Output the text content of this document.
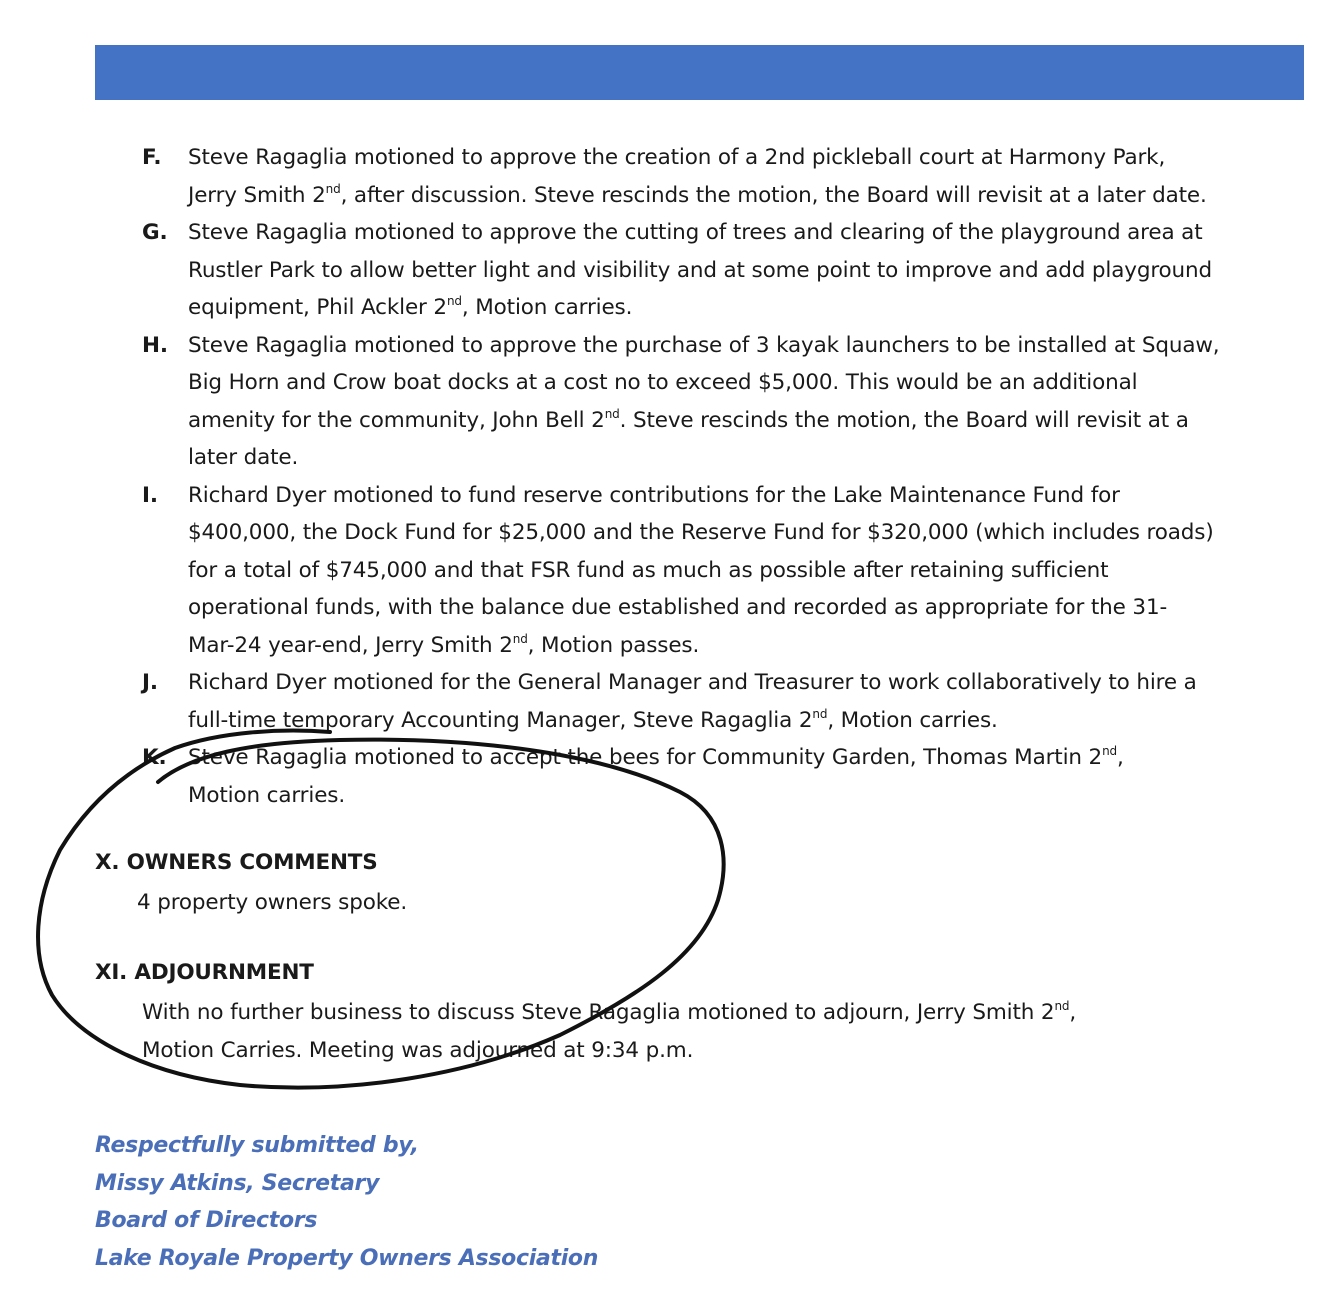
F.	Steve Ragaglia motioned to approve the creation of a 2nd pickleball court at Harmony Park,
Jerry Smith 2nd, after discussion. Steve rescinds the motion, the Board will revisit at a later date.
G. Steve Ragaglia motioned to approve the cutting of trees and clearing of the playground area at
Rustler Park to allow better light and visibility and at some point to improve and add playground
equipment, Phil Ackler 2nd, Motion carries.
H. Steve Ragaglia motioned to approve the purchase of 3 kayak launchers to be installed at Squaw,
Big Horn and Crow boat docks at a cost no to exceed $5,000. This would be an additional
amenity for the community, John Bell 2nd. Steve rescinds the motion, the Board will revisit at a
later date.
I.	Richard Dyer motioned to fund reserve contributions for the Lake Maintenance Fund for
$400,000, the Dock Fund for $25,000 and the Reserve Fund for $320,000 (which includes roads)
for a total of $745,000 and that FSR fund as much as possible after retaining sufficient
operational funds, with the balance due established and recorded as appropriate for the 31-
Mar-24 year-end, Jerry Smith 2nd, Motion passes.
J.	Richard Dyer motioned for the General Manager and Treasurer to work collaboratively to hire a
full-time temporary Accounting Manager, Steve Ragaglia 2nd, Motion carries.
K. Steve Ragaglia motioned to accept the bees for Community Garden, Thomas Martin 2nd,
Motion carries.
X. OWNERS COMMENTS
4 property owners spoke.
XI. ADJOURNMENT
With no further business to discuss Steve Ragaglia motioned to adjourn, Jerry Smith 2nd,
Motion Carries. Meeting was adjourned at 9:34 p.m.
Respectfully submitted by,
Missy Atkins, Secretary
Board of Directors
Lake Royale Property Owners Association
